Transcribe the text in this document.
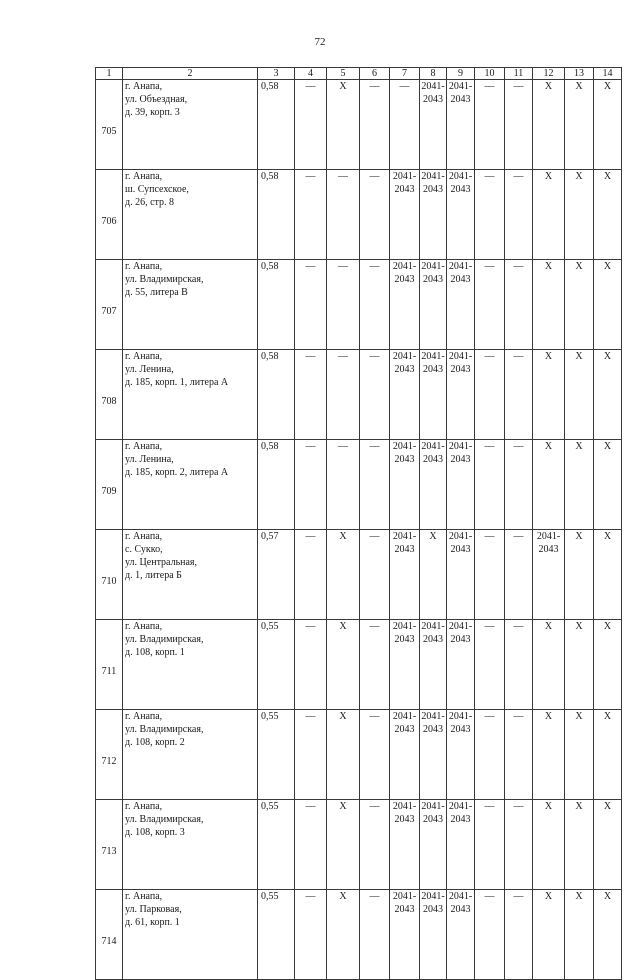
72
1	2	3	4	5	6	7	8	9	10	11	12	13	14
705	г. Анапа,
ул. Объездная,
д. 39, корп. 3	0,58	—	X	—	—	2041-
2043	2041-
2043	—	—	X	X	X

706	г. Анапа,
ш. Супсехское,
д. 26, стр. 8	0,58	—	—	—	2041-
2043	2041-
2043	2041-
2043	—	—	X	X	X

707	г. Анапа,
ул. Владимирская,
д. 55, литера В	0,58	—	—	—	2041-
2043	2041-
2043	2041-
2043	—	—	X	X	X

708	г. Анапа,
ул. Ленина,
д. 185, корп. 1, литера А	0,58	—	—	—	2041-
2043	2041-
2043	2041-
2043	—	—	X	X	X

709	г. Анапа,
ул. Ленина,
д. 185, корп. 2, литера А	0,58	—	—	—	2041-
2043	2041-
2043	2041-
2043	—	—	X	X	X

710	г. Анапа,
с. Сукко,
ул. Центральная,
д. 1, литера Б	0,57	—	X	—	2041-
2043	X	2041-
2043	—	—	2041-
2043	X	X

711	г. Анапа,
ул. Владимирская,
д. 108, корп. 1	0,55	—	X	—	2041-
2043	2041-
2043	2041-
2043	—	—	X	X	X

712	г. Анапа,
ул. Владимирская,
д. 108, корп. 2	0,55	—	X	—	2041-
2043	2041-
2043	2041-
2043	—	—	X	X	X

713	г. Анапа,
ул. Владимирская,
д. 108, корп. 3	0,55	—	X	—	2041-
2043	2041-
2043	2041-
2043	—	—	X	X	X

714	г. Анапа,
ул. Парковая,
д. 61, корп. 1	0,55	—	X	—	2041-
2043	2041-
2043	2041-
2043	—	—	X	X	X
